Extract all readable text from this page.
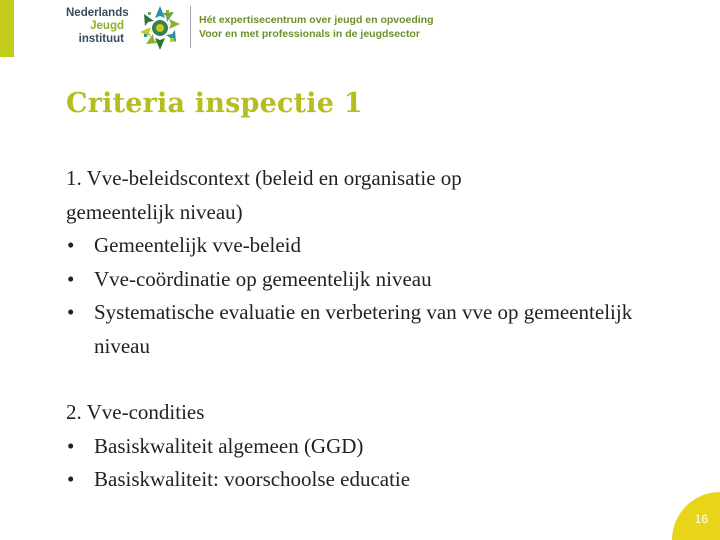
Nederlands
Jeugd
instituut
Hét expertisecentrum over jeugd en opvoeding
Voor en met professionals in de jeugdsector
Criteria inspectie 1

1. Vve-beleidscontext (beleid en organisatie op

gemeentelijk niveau)

• Gemeentelijk vve-beleid

• Vve-coördinatie op gemeentelijk niveau

• Systematische evaluatie en verbetering van vve op gemeentelijk niveau

2. Vve-condities

• Basiskwaliteit algemeen (GGD)

• Basiskwaliteit: voorschoolse educatie

16
